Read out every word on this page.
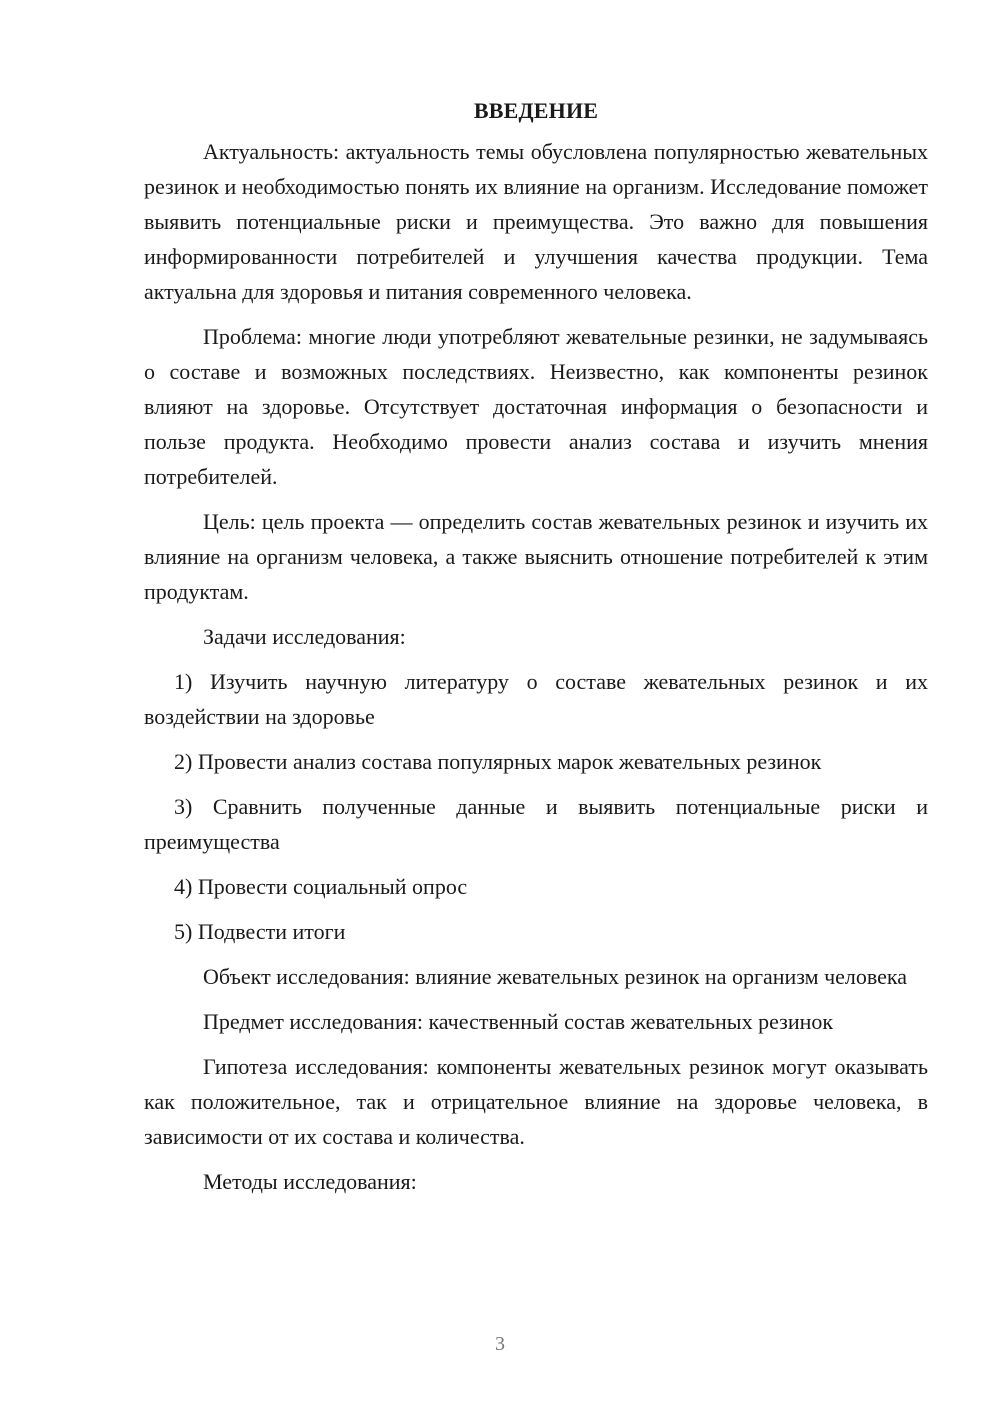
ВВЕДЕНИЕ

Актуальность: актуальность темы обусловлена популярностью жевательных резинок и необходимостью понять их влияние на организм. Исследование поможет выявить потенциальные риски и преимущества. Это важно для повышения информированности потребителей и улучшения качества продукции. Тема актуальна для здоровья и питания современного человека.

Проблема: многие люди употребляют жевательные резинки, не задумываясь о составе и возможных последствиях. Неизвестно, как компоненты резинок влияют на здоровье. Отсутствует достаточная информация о безопасности и пользе продукта. Необходимо провести анализ состава и изучить мнения потребителей.

Цель: цель проекта — определить состав жевательных резинок и изучить их влияние на организм человека, а также выяснить отношение потребителей к этим продуктам.

Задачи исследования:

1) Изучить научную литературу о составе жевательных резинок и их воздействии на здоровье

2) Провести анализ состава популярных марок жевательных резинок

3) Сравнить полученные данные и выявить потенциальные риски и преимущества

4) Провести социальный опрос

5) Подвести итоги

Объект исследования: влияние жевательных резинок на организм человека

Предмет исследования: качественный состав жевательных резинок

Гипотеза исследования: компоненты жевательных резинок могут оказывать как положительное, так и отрицательное влияние на здоровье человека, в зависимости от их состава и количества.

Методы исследования:

3
